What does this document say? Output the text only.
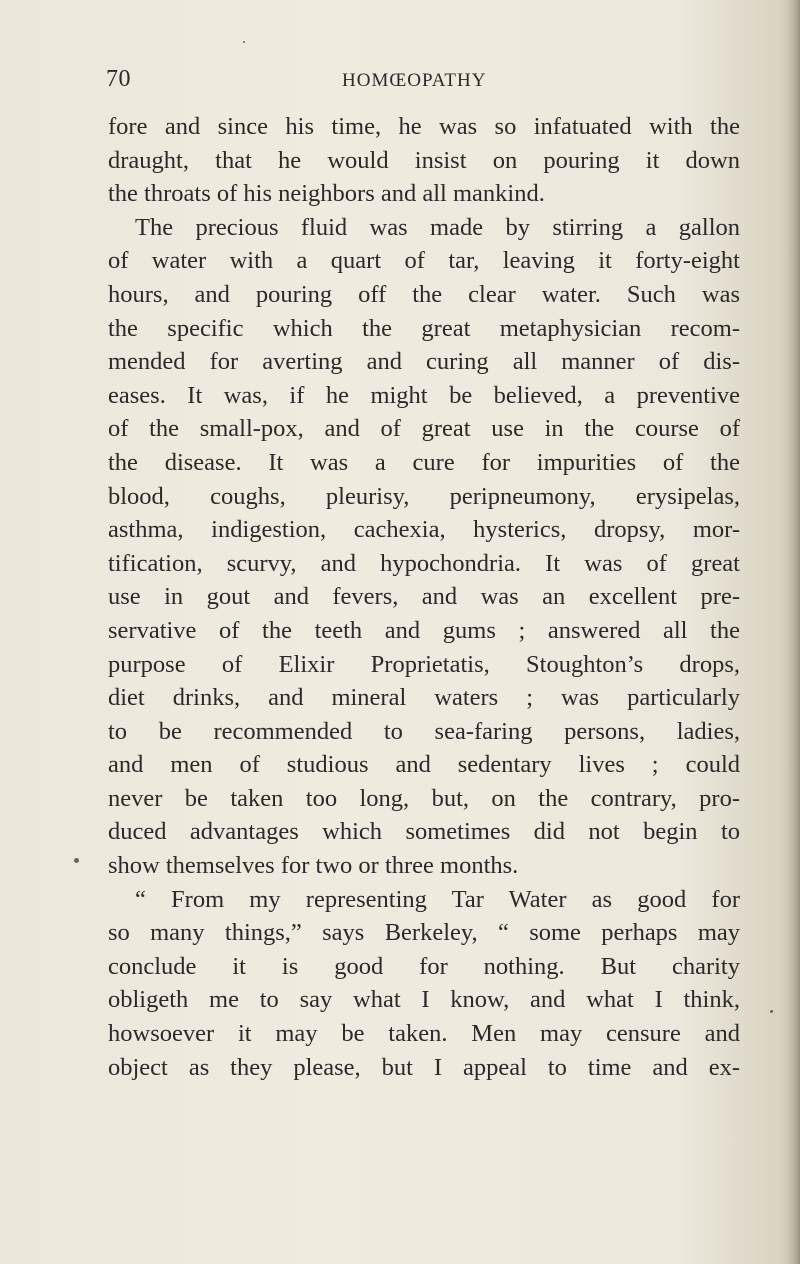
70	HOMŒOPATHY
fore and since his time, he was so infatuated with the
draught, that he would insist on pouring it down
the throats of his neighbors and all mankind.
The precious fluid was made by stirring a gallon
of water with a quart of tar, leaving it forty-eight
hours, and pouring off the clear water. Such was
the specific which the great metaphysician recom-
mended for averting and curing all manner of dis-
eases. It was, if he might be believed, a preventive
of the small-pox, and of great use in the course of
the disease. It was a cure for impurities of the
blood, coughs, pleurisy, peripneumony, erysipelas,
asthma, indigestion, cachexia, hysterics, dropsy, mor-
tification, scurvy, and hypochondria. It was of great
use in gout and fevers, and was an excellent pre-
servative of the teeth and gums ; answered all the
purpose of Elixir Proprietatis, Stoughton’s drops,
diet drinks, and mineral waters ; was particularly
to be recommended to sea-faring persons, ladies,
and men of studious and sedentary lives ; could
never be taken too long, but, on the contrary, pro-
duced advantages which sometimes did not begin to
show themselves for two or three months.
“ From my representing Tar Water as good for
so many things,” says Berkeley, “ some perhaps may
conclude it is good for nothing. But charity
obligeth me to say what I know, and what I think,
howsoever it may be taken. Men may censure and
object as they please, but I appeal to time and ex-
